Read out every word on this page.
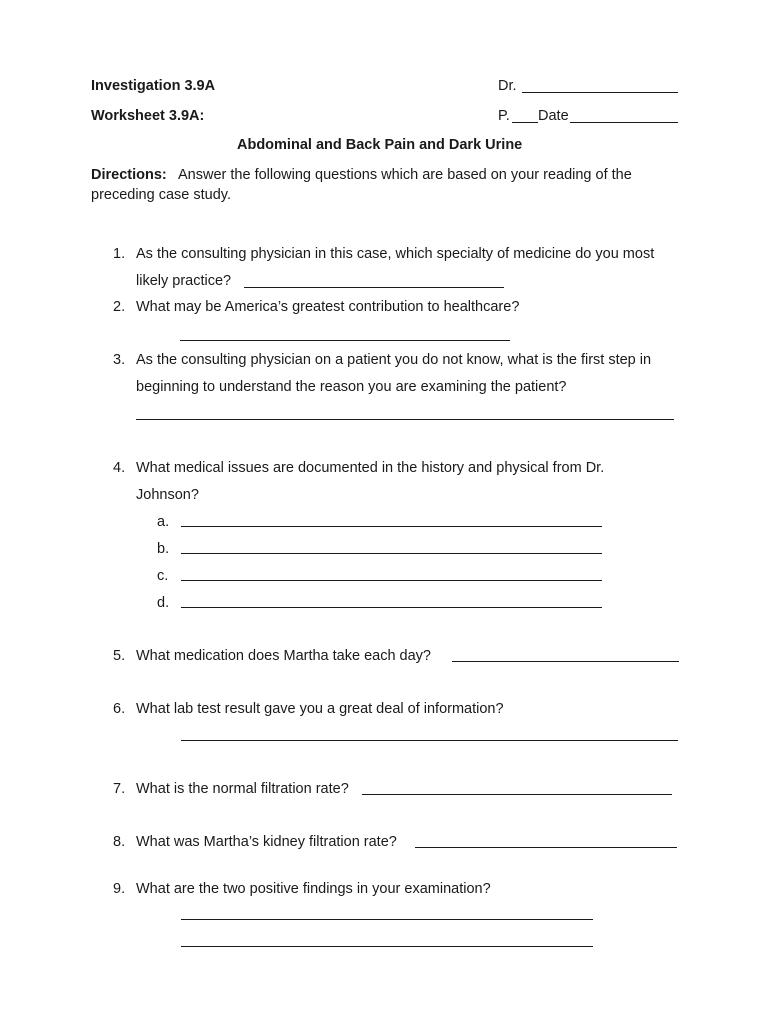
Investigation 3.9A	Dr.
Worksheet 3.9A:	P. Date
Abdominal and Back Pain and Dark Urine
Directions: Answer the following questions which are based on your reading of the
preceding case study.
1. As the consulting physician in this case, which specialty of medicine do you most
likely practice?
2. What may be America’s greatest contribution to healthcare?
3. As the consulting physician on a patient you do not know, what is the first step in
beginning to understand the reason you are examining the patient?
4. What medical issues are documented in the history and physical from Dr.
Johnson?
a.
b.
c.
d.
5. What medication does Martha take each day?
6. What lab test result gave you a great deal of information?
7. What is the normal filtration rate?
8. What was Martha’s kidney filtration rate?
9. What are the two positive findings in your examination?
